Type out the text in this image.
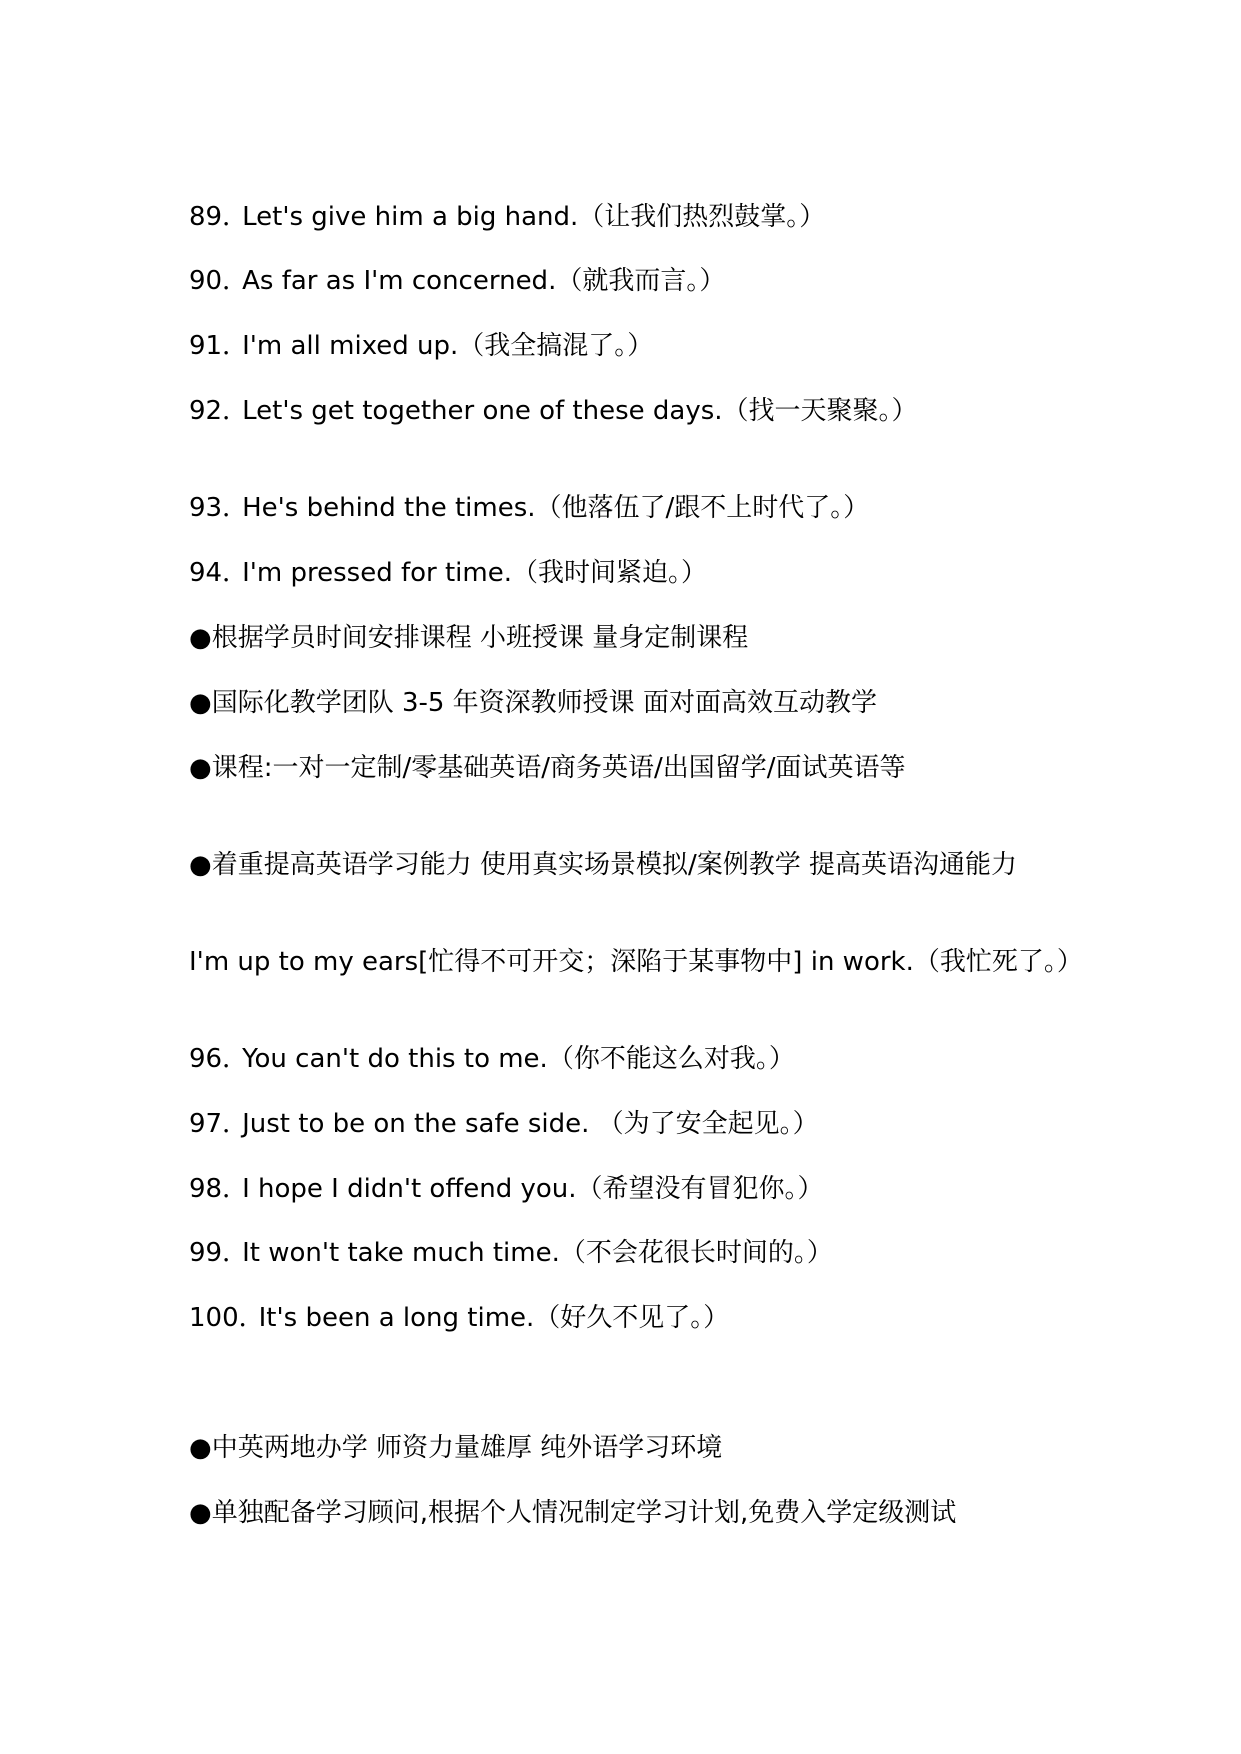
89．Let's give him a big hand.（让我们热烈鼓掌。）
90．As far as I'm concerned.（就我而言。）
91．I'm all mixed up.（我全搞混了。）
92．Let's get together one of these days.（找一天聚聚。）
93．He's behind the times.（他落伍了/跟不上时代了。）
94．I'm pressed for time.（我时间紧迫。）
●根据学员时间安排课程 小班授课 量身定制课程
●国际化教学团队 3-5 年资深教师授课 面对面高效互动教学
●课程:一对一定制/零基础英语/商务英语/出国留学/面试英语等
●着重提高英语学习能力 使用真实场景模拟/案例教学 提高英语沟通能力
I'm up to my ears[忙得不可开交；深陷于某事物中] in work.（我忙死了。）
96．You can't do this to me.（你不能这么对我。）
97．Just to be on the safe side. （为了安全起见。）
98．I hope I didn't offend you.（希望没有冒犯你。）
99．It won't take much time.（不会花很长时间的。）
100．It's been a long time.（好久不见了。）
●中英两地办学 师资力量雄厚 纯外语学习环境
●单独配备学习顾问,根据个人情况制定学习计划,免费入学定级测试
